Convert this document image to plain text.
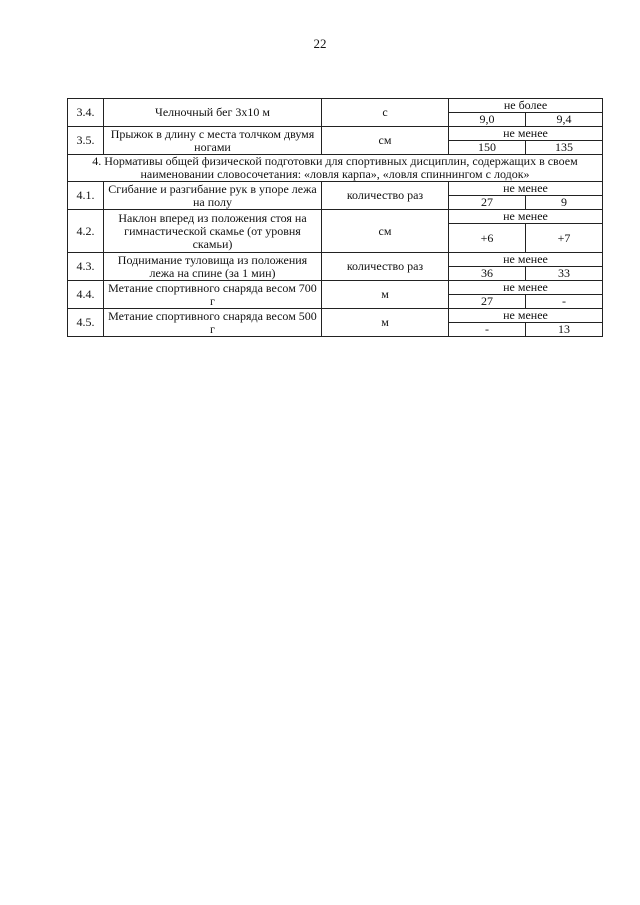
22
3.4.	Челночный бег 3x10 м	с	не более	
			9,0	9,4
3.5.	Прыжок в длину с места толчком двумя ногами	см	не менее	
			150	135
4. Нормативы общей физической подготовки для спортивных дисциплин, содержащих в своем наименовании словосочетания: «ловля карпа», «ловля спиннингом с лодок»				
4.1.	Сгибание и разгибание рук в упоре лежа на полу	количество раз	не менее	
			27	9
4.2.	Наклон вперед из положения стоя на гимнастической скамье (от уровня скамьи)	см	не менее	
			+6	+7
4.3.	Поднимание туловища из положения лежа на спине (за 1 мин)	количество раз	не менее	
			36	33
4.4.	Метание спортивного снаряда весом 700 г	м	не менее	
			27	-
4.5.	Метание спортивного снаряда весом 500 г	м	не менее	
			-	13
